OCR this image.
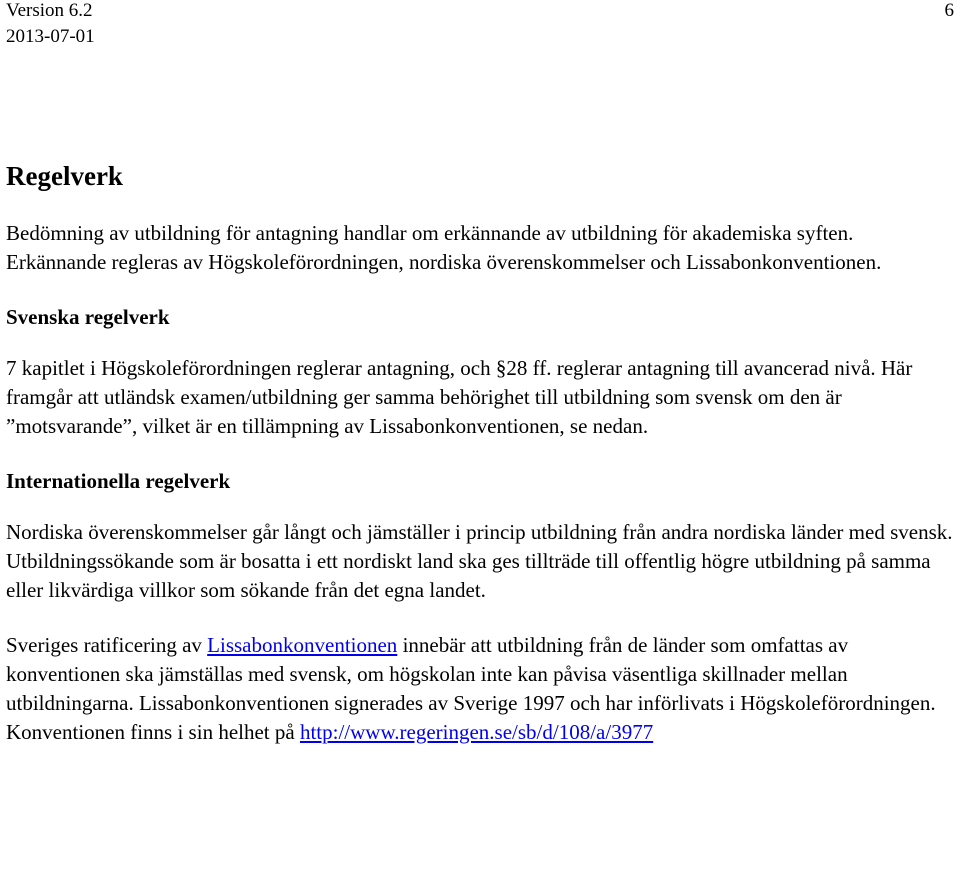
Version 6.2
2013-07-01
6
Regelverk

Bedömning av utbildning för antagning handlar om erkännande av utbildning för akademiska syften. Erkännande regleras av Högskoleförordningen, nordiska överenskommelser och Lissabonkonventionen.

Svenska regelverk

7 kapitlet i Högskoleförordningen reglerar antagning, och §28 ff. reglerar antagning till avancerad nivå. Här framgår att utländsk examen/utbildning ger samma behörighet till utbildning som svensk om den är ”motsvarande”, vilket är en tillämpning av Lissabonkonventionen, se nedan.

Internationella regelverk

Nordiska överenskommelser går långt och jämställer i princip utbildning från andra nordiska länder med svensk. Utbildningssökande som är bosatta i ett nordiskt land ska ges tillträde till offentlig högre utbildning på samma eller likvärdiga villkor som sökande från det egna landet.

Sveriges ratificering av Lissabonkonventionen innebär att utbildning från de länder som omfattas av konventionen ska jämställas med svensk, om högskolan inte kan påvisa väsentliga skillnader mellan utbildningarna. Lissabonkonventionen signerades av Sverige 1997 och har införlivats i Högskoleförordningen. Konventionen finns i sin helhet på http://www.regeringen.se/sb/d/108/a/3977
